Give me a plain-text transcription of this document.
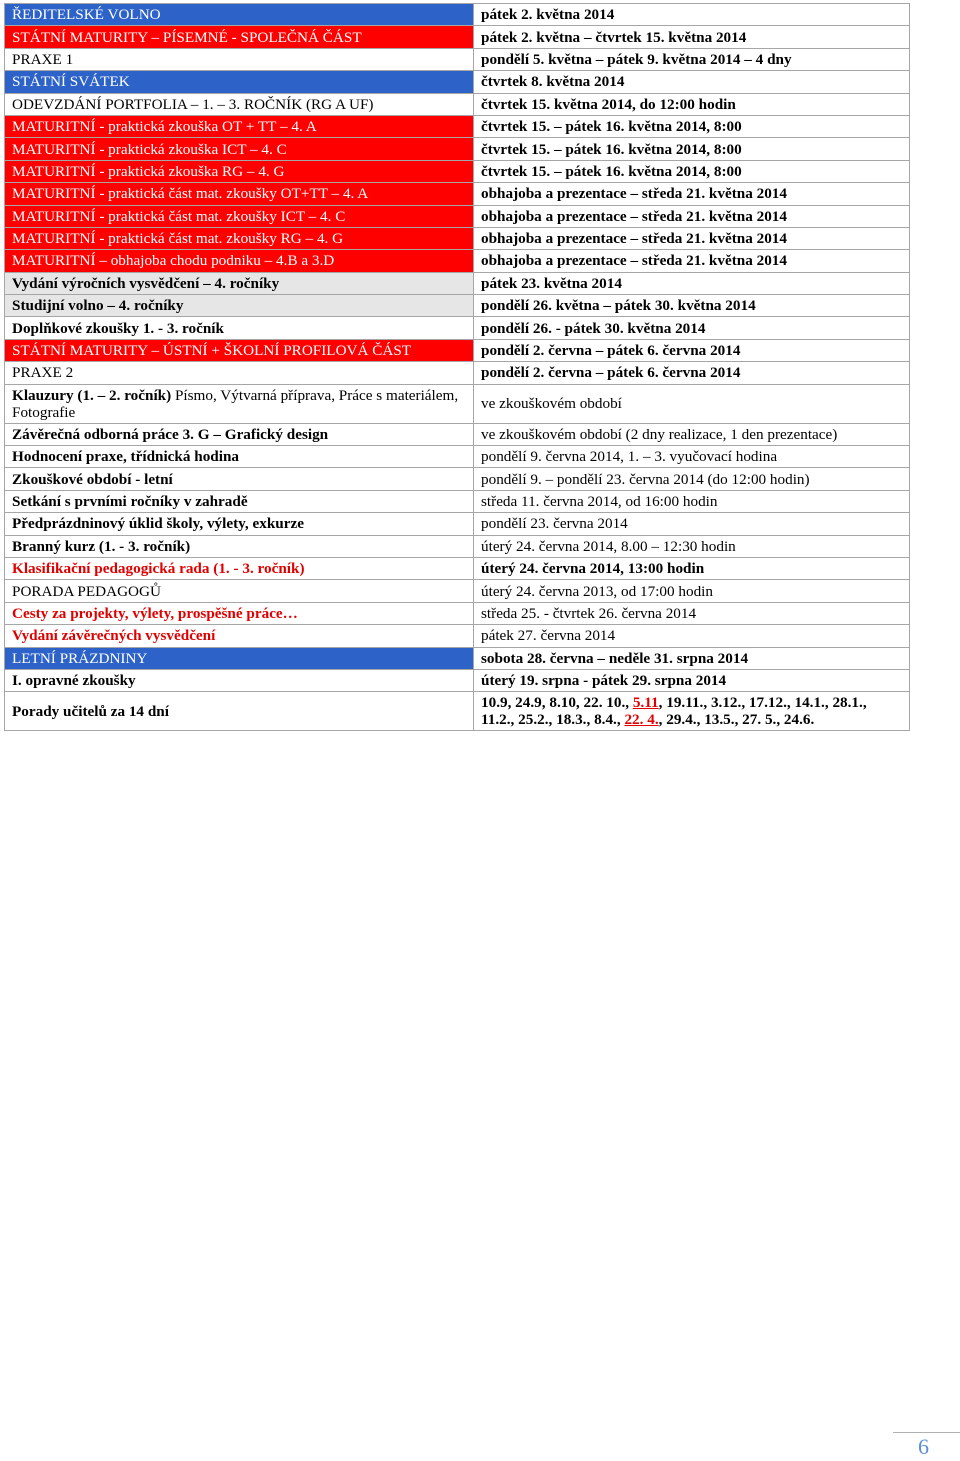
ŘEDITELSKÉ VOLNO	pátek 2. května 2014
STÁTNÍ MATURITY – PÍSEMNÉ - SPOLEČNÁ ČÁST	pátek 2. května – čtvrtek 15. května 2014
PRAXE 1	pondělí 5. května – pátek 9. května 2014 – 4 dny
STÁTNÍ SVÁTEK	čtvrtek 8. května 2014
ODEVZDÁNÍ PORTFOLIA – 1. – 3. ROČNÍK (RG A UF)	čtvrtek 15. května 2014, do 12:00 hodin
MATURITNÍ - praktická zkouška OT + TT – 4. A	čtvrtek 15. – pátek 16. května 2014, 8:00
MATURITNÍ - praktická zkouška ICT – 4. C	čtvrtek 15. – pátek 16. května 2014, 8:00
MATURITNÍ - praktická zkouška RG – 4. G	čtvrtek 15. – pátek 16. května 2014, 8:00
MATURITNÍ - praktická část mat. zkoušky OT+TT – 4. A	obhajoba a prezentace – středa 21. května 2014
MATURITNÍ - praktická část mat. zkoušky ICT – 4. C	obhajoba a prezentace – středa 21. května 2014
MATURITNÍ - praktická část mat. zkoušky RG – 4. G	obhajoba a prezentace – středa 21. května 2014
MATURITNÍ – obhajoba chodu podniku – 4.B a 3.D	obhajoba a prezentace – středa 21. května 2014
Vydání výročních vysvědčení – 4. ročníky	pátek 23. května 2014
Studijní volno – 4. ročníky	pondělí 26. května – pátek 30. května 2014
Doplňkové zkoušky 1. - 3. ročník	pondělí 26. - pátek 30. května 2014
STÁTNÍ MATURITY – ÚSTNÍ + ŠKOLNÍ PROFILOVÁ ČÁST	pondělí 2. června – pátek 6. června 2014
PRAXE 2	pondělí 2. června – pátek 6. června 2014
Klauzury (1. – 2. ročník) Písmo, Výtvarná příprava, Práce s materiálem, Fotografie	ve zkouškovém období
Závěrečná odborná práce 3. G – Grafický design	ve zkouškovém období (2 dny realizace, 1 den prezentace)
Hodnocení praxe, třídnická hodina	pondělí 9. června 2014, 1. – 3. vyučovací hodina
Zkouškové období - letní	pondělí 9. – pondělí 23. června 2014 (do 12:00 hodin)
Setkání s prvními ročníky v zahradě	středa 11. června 2014, od 16:00 hodin
Předprázdninový úklid školy, výlety, exkurze	pondělí 23. června 2014
Branný kurz (1. - 3. ročník)	úterý 24. června 2014, 8.00 – 12:30 hodin
Klasifikační pedagogická rada (1. - 3. ročník)	úterý 24. června 2014, 13:00 hodin
PORADA PEDAGOGŮ	úterý 24. června 2013, od 17:00 hodin
Cesty za projekty, výlety, prospěšné práce…	středa 25. - čtvrtek 26. června 2014
Vydání závěrečných vysvědčení	pátek 27. června 2014
LETNÍ PRÁZDNINY	sobota 28. června – neděle 31. srpna 2014
I. opravné zkoušky	úterý 19. srpna - pátek 29. srpna 2014
Porady učitelů za 14 dní	10.9, 24.9, 8.10, 22. 10., 5.11, 19.11., 3.12., 17.12., 14.1., 28.1.,
11.2., 25.2., 18.3., 8.4., 22. 4., 29.4., 13.5., 27. 5., 24.6.
6
